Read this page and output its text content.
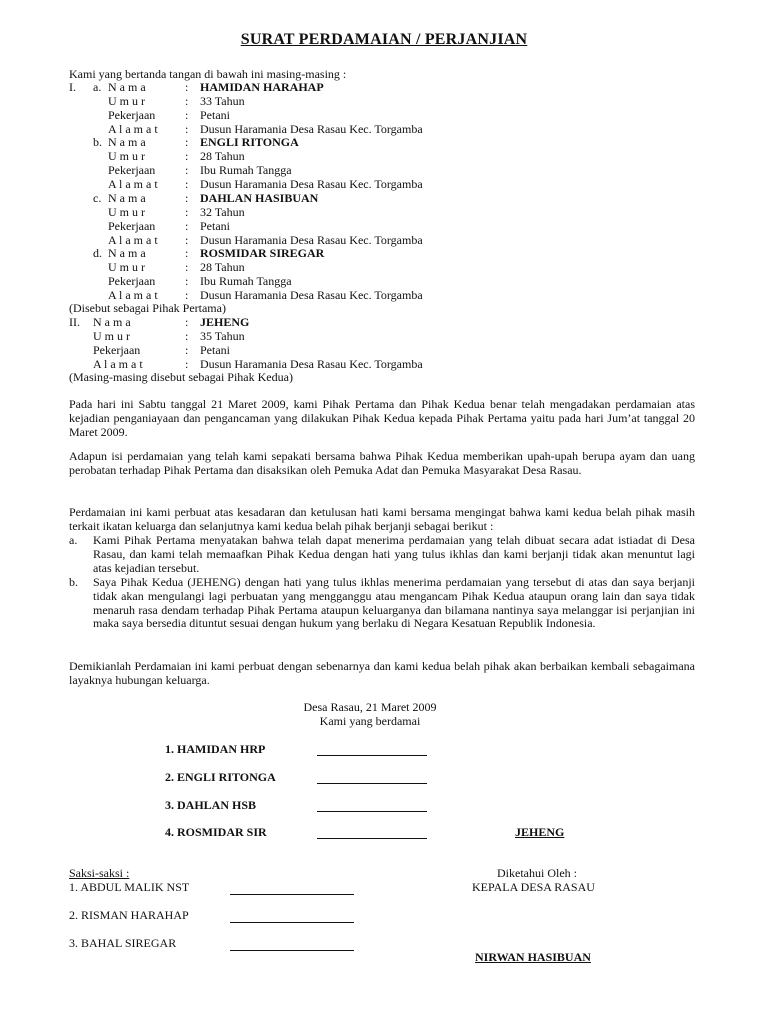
SURAT PERDAMAIAN / PERJANJIAN
Kami yang bertanda tangan di bawah ini masing-masing :
I. a. N a m a	: HAMIDAN HARAHAP
U m u r	: 33 Tahun
Pekerjaan : Petani
A l a m a t : Dusun Haramania Desa Rasau Kec. Torgamba
b. N a m a	: ENGLI RITONGA
U m u r	: 28 Tahun
Pekerjaan : Ibu Rumah Tangga
A l a m a t : Dusun Haramania Desa Rasau Kec. Torgamba
c. N a m a	: DAHLAN HASIBUAN
U m u r	: 32 Tahun
Pekerjaan : Petani
A l a m a t : Dusun Haramania Desa Rasau Kec. Torgamba
d. N a m a	: ROSMIDAR SIREGAR
U m u r	: 28 Tahun
Pekerjaan : Ibu Rumah Tangga
A l a m a t : Dusun Haramania Desa Rasau Kec. Torgamba
(Disebut sebagai Pihak Pertama)
II. N a m a	: JEHENG
U m u r	: 35 Tahun
Pekerjaan	: Petani
A l a m a t	: Dusun Haramania Desa Rasau Kec. Torgamba
(Masing-masing disebut sebagai Pihak Kedua)
Pada hari ini Sabtu tanggal 21 Maret 2009, kami Pihak Pertama dan Pihak Kedua benar telah mengadakan perdamaian atas kejadian penganiayaan dan pengancaman yang dilakukan Pihak Kedua kepada Pihak Pertama yaitu pada hari Jum’at tanggal 20 Maret 2009.
Adapun isi perdamaian yang telah kami sepakati bersama bahwa Pihak Kedua memberikan upah-upah berupa ayam dan uang perobatan terhadap Pihak Pertama dan disaksikan oleh Pemuka Adat dan Pemuka Masyarakat Desa Rasau.
Perdamaian ini kami perbuat atas kesadaran dan ketulusan hati kami bersama mengingat bahwa kami kedua belah pihak masih terkait ikatan keluarga dan selanjutnya kami kedua belah pihak berjanji sebagai berikut :
a. Kami Pihak Pertama menyatakan bahwa telah dapat menerima perdamaian yang telah dibuat secara adat istiadat di Desa Rasau, dan kami telah memaafkan Pihak Kedua dengan hati yang tulus ikhlas dan kami berjanji tidak akan menuntut lagi atas kejadian tersebut.
b. Saya Pihak Kedua (JEHENG) dengan hati yang tulus ikhlas menerima perdamaian yang tersebut di atas dan saya berjanji tidak akan mengulangi lagi perbuatan yang mengganggu atau mengancam Pihak Kedua ataupun orang lain dan saya tidak menaruh rasa dendam terhadap Pihak Pertama ataupun keluarganya dan bilamana nantinya saya melanggar isi perjanjian ini maka saya bersedia dituntut sesuai dengan hukum yang berlaku di Negara Kesatuan Republik Indonesia.
Demikianlah Perdamaian ini kami perbuat dengan sebenarnya dan kami kedua belah pihak akan berbaikan kembali sebagaimana layaknya hubungan keluarga.
Desa Rasau, 21 Maret 2009
Kami yang berdamai
1. HAMIDAN HRP
2. ENGLI RITONGA
3. DAHLAN HSB
4. ROSMIDAR SIR	JEHENG
Saksi-saksi :
1. ABDUL MALIK NST
2. RISMAN HARAHAP
3. BAHAL SIREGAR
Diketahui Oleh :
KEPALA DESA RASAU
NIRWAN HASIBUAN
